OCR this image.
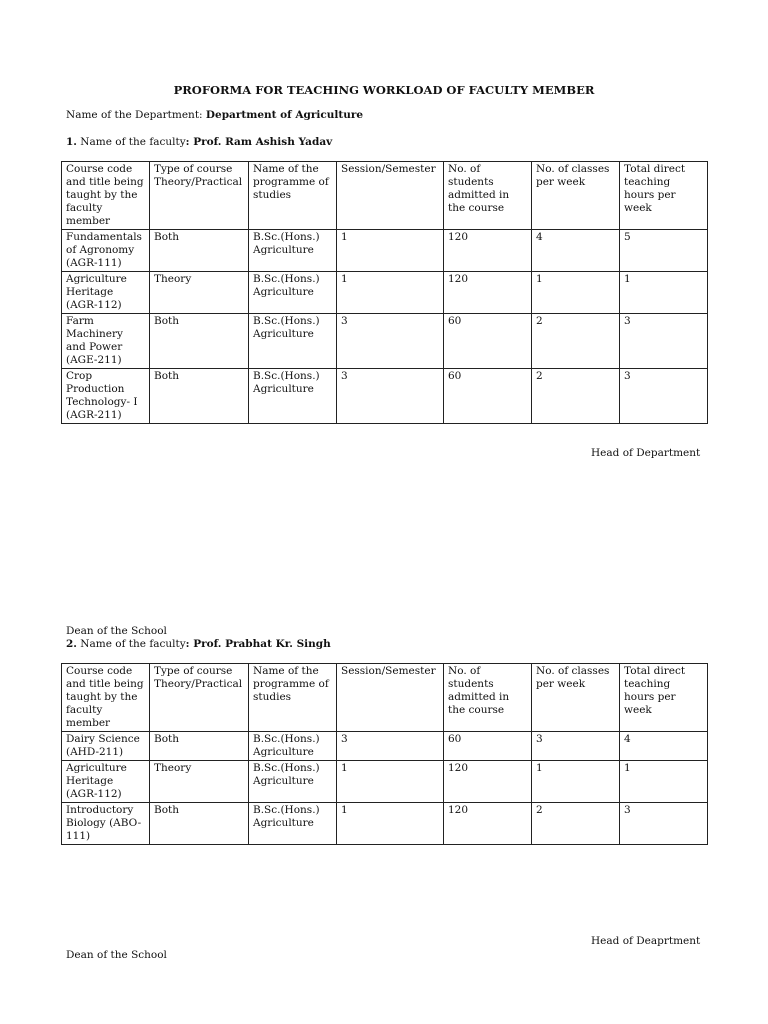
PROFORMA FOR TEACHING WORKLOAD OF FACULTY MEMBER
Name of the Department: Department of Agriculture
1. Name of the faculty: Prof. Ram Ashish Yadav
Course code and title being taught by the faculty member	Type of course Theory/Practical	Name of the programme of studies	Session/Semester	No. of students admitted in the course	No. of classes per week	Total direct teaching hours per week
Fundamentals of Agronomy (AGR-111)	Both	B.Sc.(Hons.) Agriculture	1	120	4	5
Agriculture Heritage (AGR-112)	Theory	B.Sc.(Hons.) Agriculture	1	120	1	1
Farm Machinery and Power (AGE-211)	Both	B.Sc.(Hons.) Agriculture	3	60	2	3
Crop Production Technology- I (AGR-211)	Both	B.Sc.(Hons.) Agriculture	3	60	2	3
Head of Department
Dean of the School
2. Name of the faculty: Prof. Prabhat Kr. Singh
Course code and title being taught by the faculty member	Type of course Theory/Practical	Name of the programme of studies	Session/Semester	No. of students admitted in the course	No. of classes per week	Total direct teaching hours per week
Dairy Science (AHD-211)	Both	B.Sc.(Hons.) Agriculture	3	60	3	4
Agriculture Heritage (AGR-112)	Theory	B.Sc.(Hons.) Agriculture	1	120	1	1
Introductory Biology (ABO-111)	Both	B.Sc.(Hons.) Agriculture	1	120	2	3
Head of Deaprtment
Dean of the School
